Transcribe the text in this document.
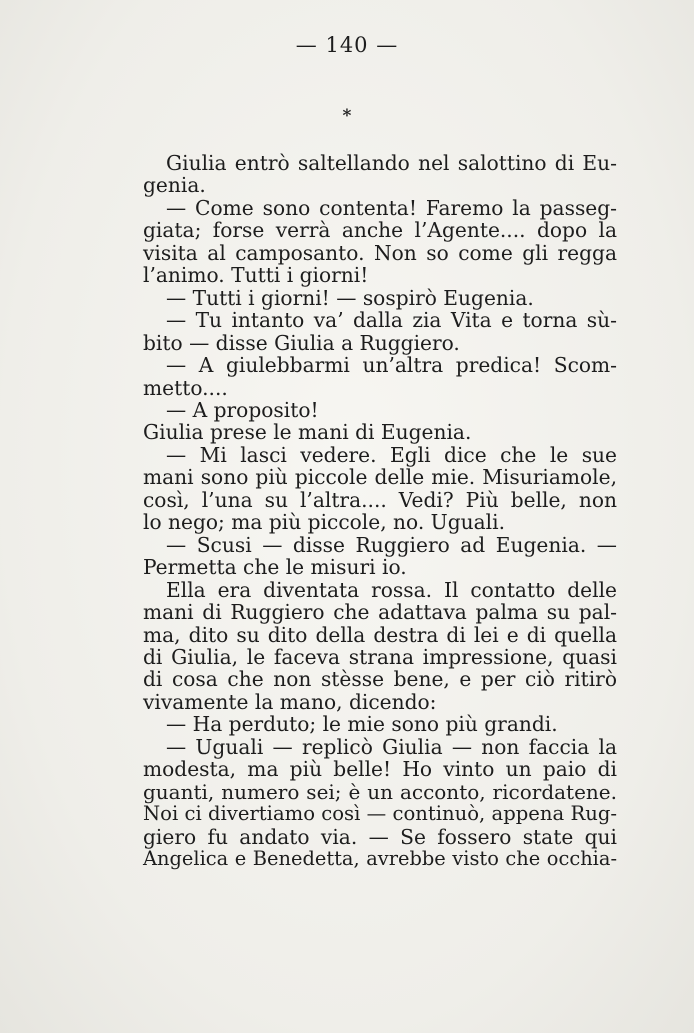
— 140 —
*
Giulia entrò saltellando nel salottino di Eu-
genia.
— Come sono contenta! Faremo la passeg-
giata; forse verrà anche l’Agente.... dopo la
visita al camposanto. Non so come gli regga
l’animo. Tutti i giorni!
— Tutti i giorni! — sospirò Eugenia.
— Tu intanto va’ dalla zia Vita e torna sù-
bito — disse Giulia a Ruggiero.
— A giulebbarmi un’altra predica! Scom-
metto....
— A proposito!
Giulia prese le mani di Eugenia.
— Mi lasci vedere. Egli dice che le sue
mani sono più piccole delle mie. Misuriamole,
così, l’una su l’altra.... Vedi? Più belle, non
lo nego; ma più piccole, no. Uguali.
— Scusi — disse Ruggiero ad Eugenia. —
Permetta che le misuri io.
Ella era diventata rossa. Il contatto delle
mani di Ruggiero che adattava palma su pal-
ma, dito su dito della destra di lei e di quella
di Giulia, le faceva strana impressione, quasi
di cosa che non stèsse bene, e per ciò ritirò
vivamente la mano, dicendo:
— Ha perduto; le mie sono più grandi.
— Uguali — replicò Giulia — non faccia la
modesta, ma più belle! Ho vinto un paio di
guanti, numero sei; è un acconto, ricordatene.
Noi ci divertiamo così — continuò, appena Rug-
giero fu andato via. — Se fossero state qui
Angelica e Benedetta, avrebbe visto che occhia-
